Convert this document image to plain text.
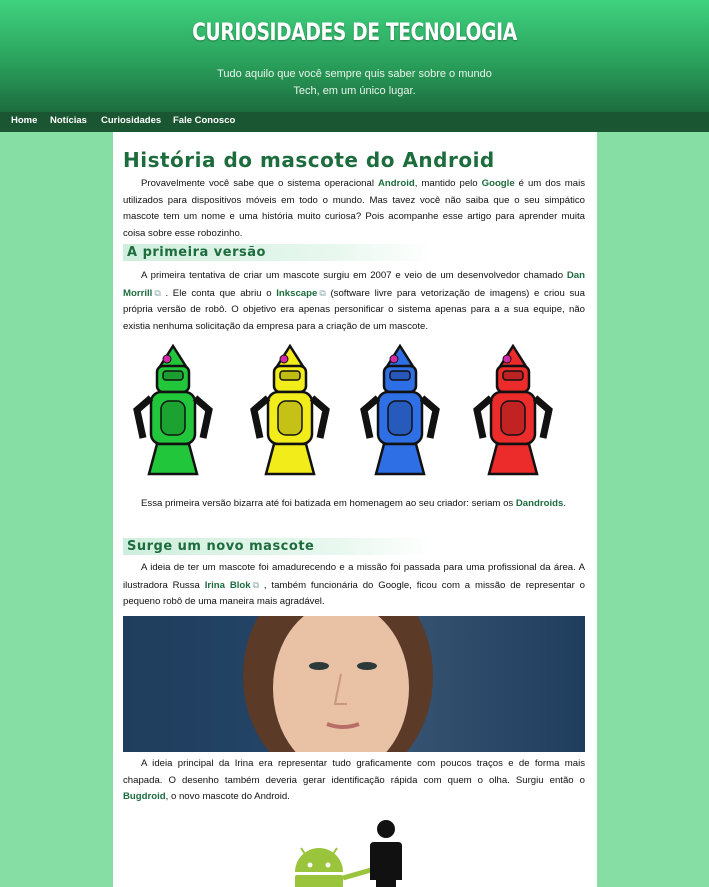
CURIOSIDADES DE TECNOLOGIA
Tudo aquilo que você sempre quis saber sobre o mundo
Tech, em um único lugar.
Home Notícias Curiosidades Fale Conosco
História do mascote do Android
Provavelmente você sabe que o sistema operacional Android, mantido pelo Google é um dos mais utilizados para dispositivos móveis em todo o mundo. Mas tavez você não saiba que o seu simpático mascote tem um nome e uma história muito curiosa? Pois acompanhe esse artigo para aprender muita coisa sobre esse robozinho.
A primeira versão
A primeira tentativa de criar um mascote surgiu em 2007 e veio de um desenvolvedor chamado Dan Morrill ⧉ . Ele conta que abriu o Inkscape ⧉ (software livre para vetorização de imagens) e criou sua própria versão de robô. O objetivo era apenas personificar o sistema apenas para a a sua equipe, não existia nenhuma solicitação da empresa para a criação de um mascote.
Essa primeira versão bizarra até foi batizada em homenagem ao seu criador: seriam os Dandroids.
Surge um novo mascote
A ideia de ter um mascote foi amadurecendo e a missão foi passada para uma profissional da área. A ilustradora Russa Irina Blok ⧉ , também funcionária do Google, ficou com a missão de representar o pequeno robô de uma maneira mais agradável.
A ideia principal da Irina era representar tudo graficamente com poucos traços e de forma mais chapada. O desenho também deveria gerar identificação rápida com quem o olha. Surgiu então o Bugdroid, o novo mascote do Android.
